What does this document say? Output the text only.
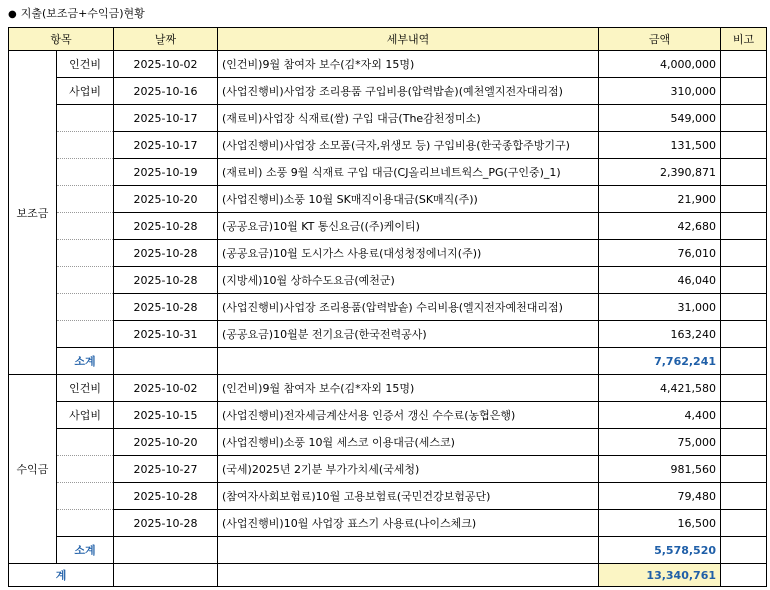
● 지출(보조금+수익금)현황
항목		날짜	세부내역	금액	비고
보조금	인건비	2025-10-02	(인건비)9월 참여자 보수(김*자외 15명)	4,000,000	
	사업비	2025-10-16	(사업진행비)사업장 조리용품 구입비용(압력밥솥)(예천엘지전자대리점)	310,000	
		2025-10-17	(재료비)사업장 식재료(쌀) 구입 대금(The감천정미소)	549,000	
		2025-10-17	(사업진행비)사업장 소모품(극자,위생모 등) 구입비용(한국종합주방기구)	131,500	
		2025-10-19	(재료비) 소풍 9월 식재료 구입 대금(CJ올리브네트웍스_PG(구인중)_1)	2,390,871	
		2025-10-20	(사업진행비)소풍 10월 SK매직이용대금(SK매직(주))	21,900	
		2025-10-28	(공공요금)10월 KT 통신요금((주)케이티)	42,680	
		2025-10-28	(공공요금)10월 도시가스 사용료(대성청정에너지(주))	76,010	
		2025-10-28	(지방세)10월 상하수도요금(예천군)	46,040	
		2025-10-28	(사업진행비)사업장 조리용품(압력밥솥) 수리비용(엘지전자예천대리점)	31,000	
		2025-10-31	(공공요금)10월분 전기요금(한국전력공사)	163,240	
	소계			7,762,241	
수익금	인건비	2025-10-02	(인건비)9월 참여자 보수(김*자외 15명)	4,421,580	
	사업비	2025-10-15	(사업진행비)전자세금계산서용 인증서 갱신 수수료(농협은행)	4,400	
		2025-10-20	(사업진행비)소풍 10월 세스코 이용대금(세스코)	75,000	
		2025-10-27	(국세)2025년 2기분 부가가치세(국세청)	981,560	
		2025-10-28	(참여자사회보험료)10월 고용보험료(국민건강보험공단)	79,480	
		2025-10-28	(사업진행비)10월 사업장 표스기 사용료(나이스체크)	16,500	
	소계			5,578,520	
계				13,340,761	
